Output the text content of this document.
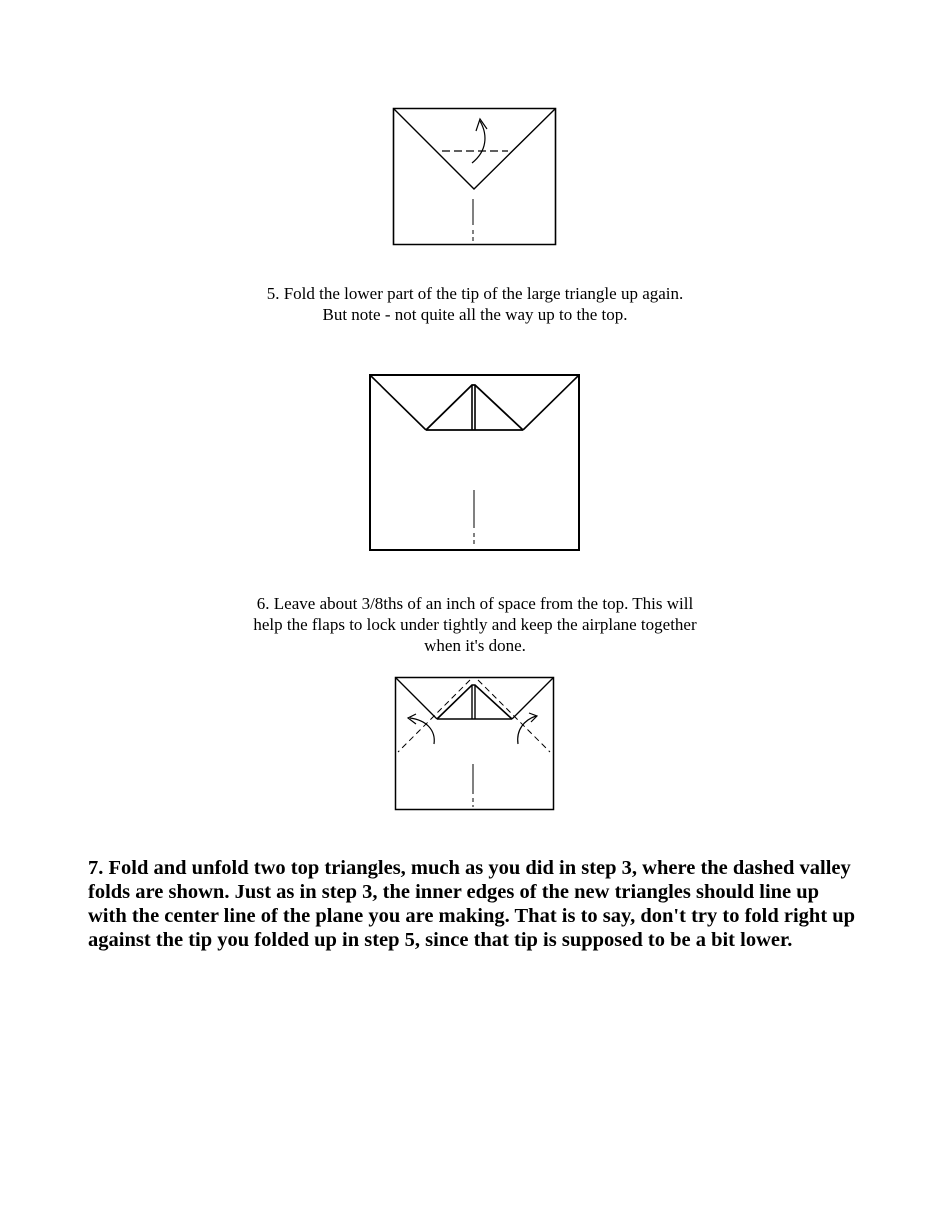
5. Fold the lower part of the tip of the large triangle up again.
But note - not quite all the way up to the top.
6. Leave about 3/8ths of an inch of space from the top. This will
help the flaps to lock under tightly and keep the airplane together
when it's done.
7. Fold and unfold two top triangles, much as you did in step 3, where the dashed valley folds are shown. Just as in step 3, the inner edges of the new triangles should line up with the center line of the plane you are making. That is to say, don't try to fold right up against the tip you folded up in step 5, since that tip is supposed to be a bit lower.
